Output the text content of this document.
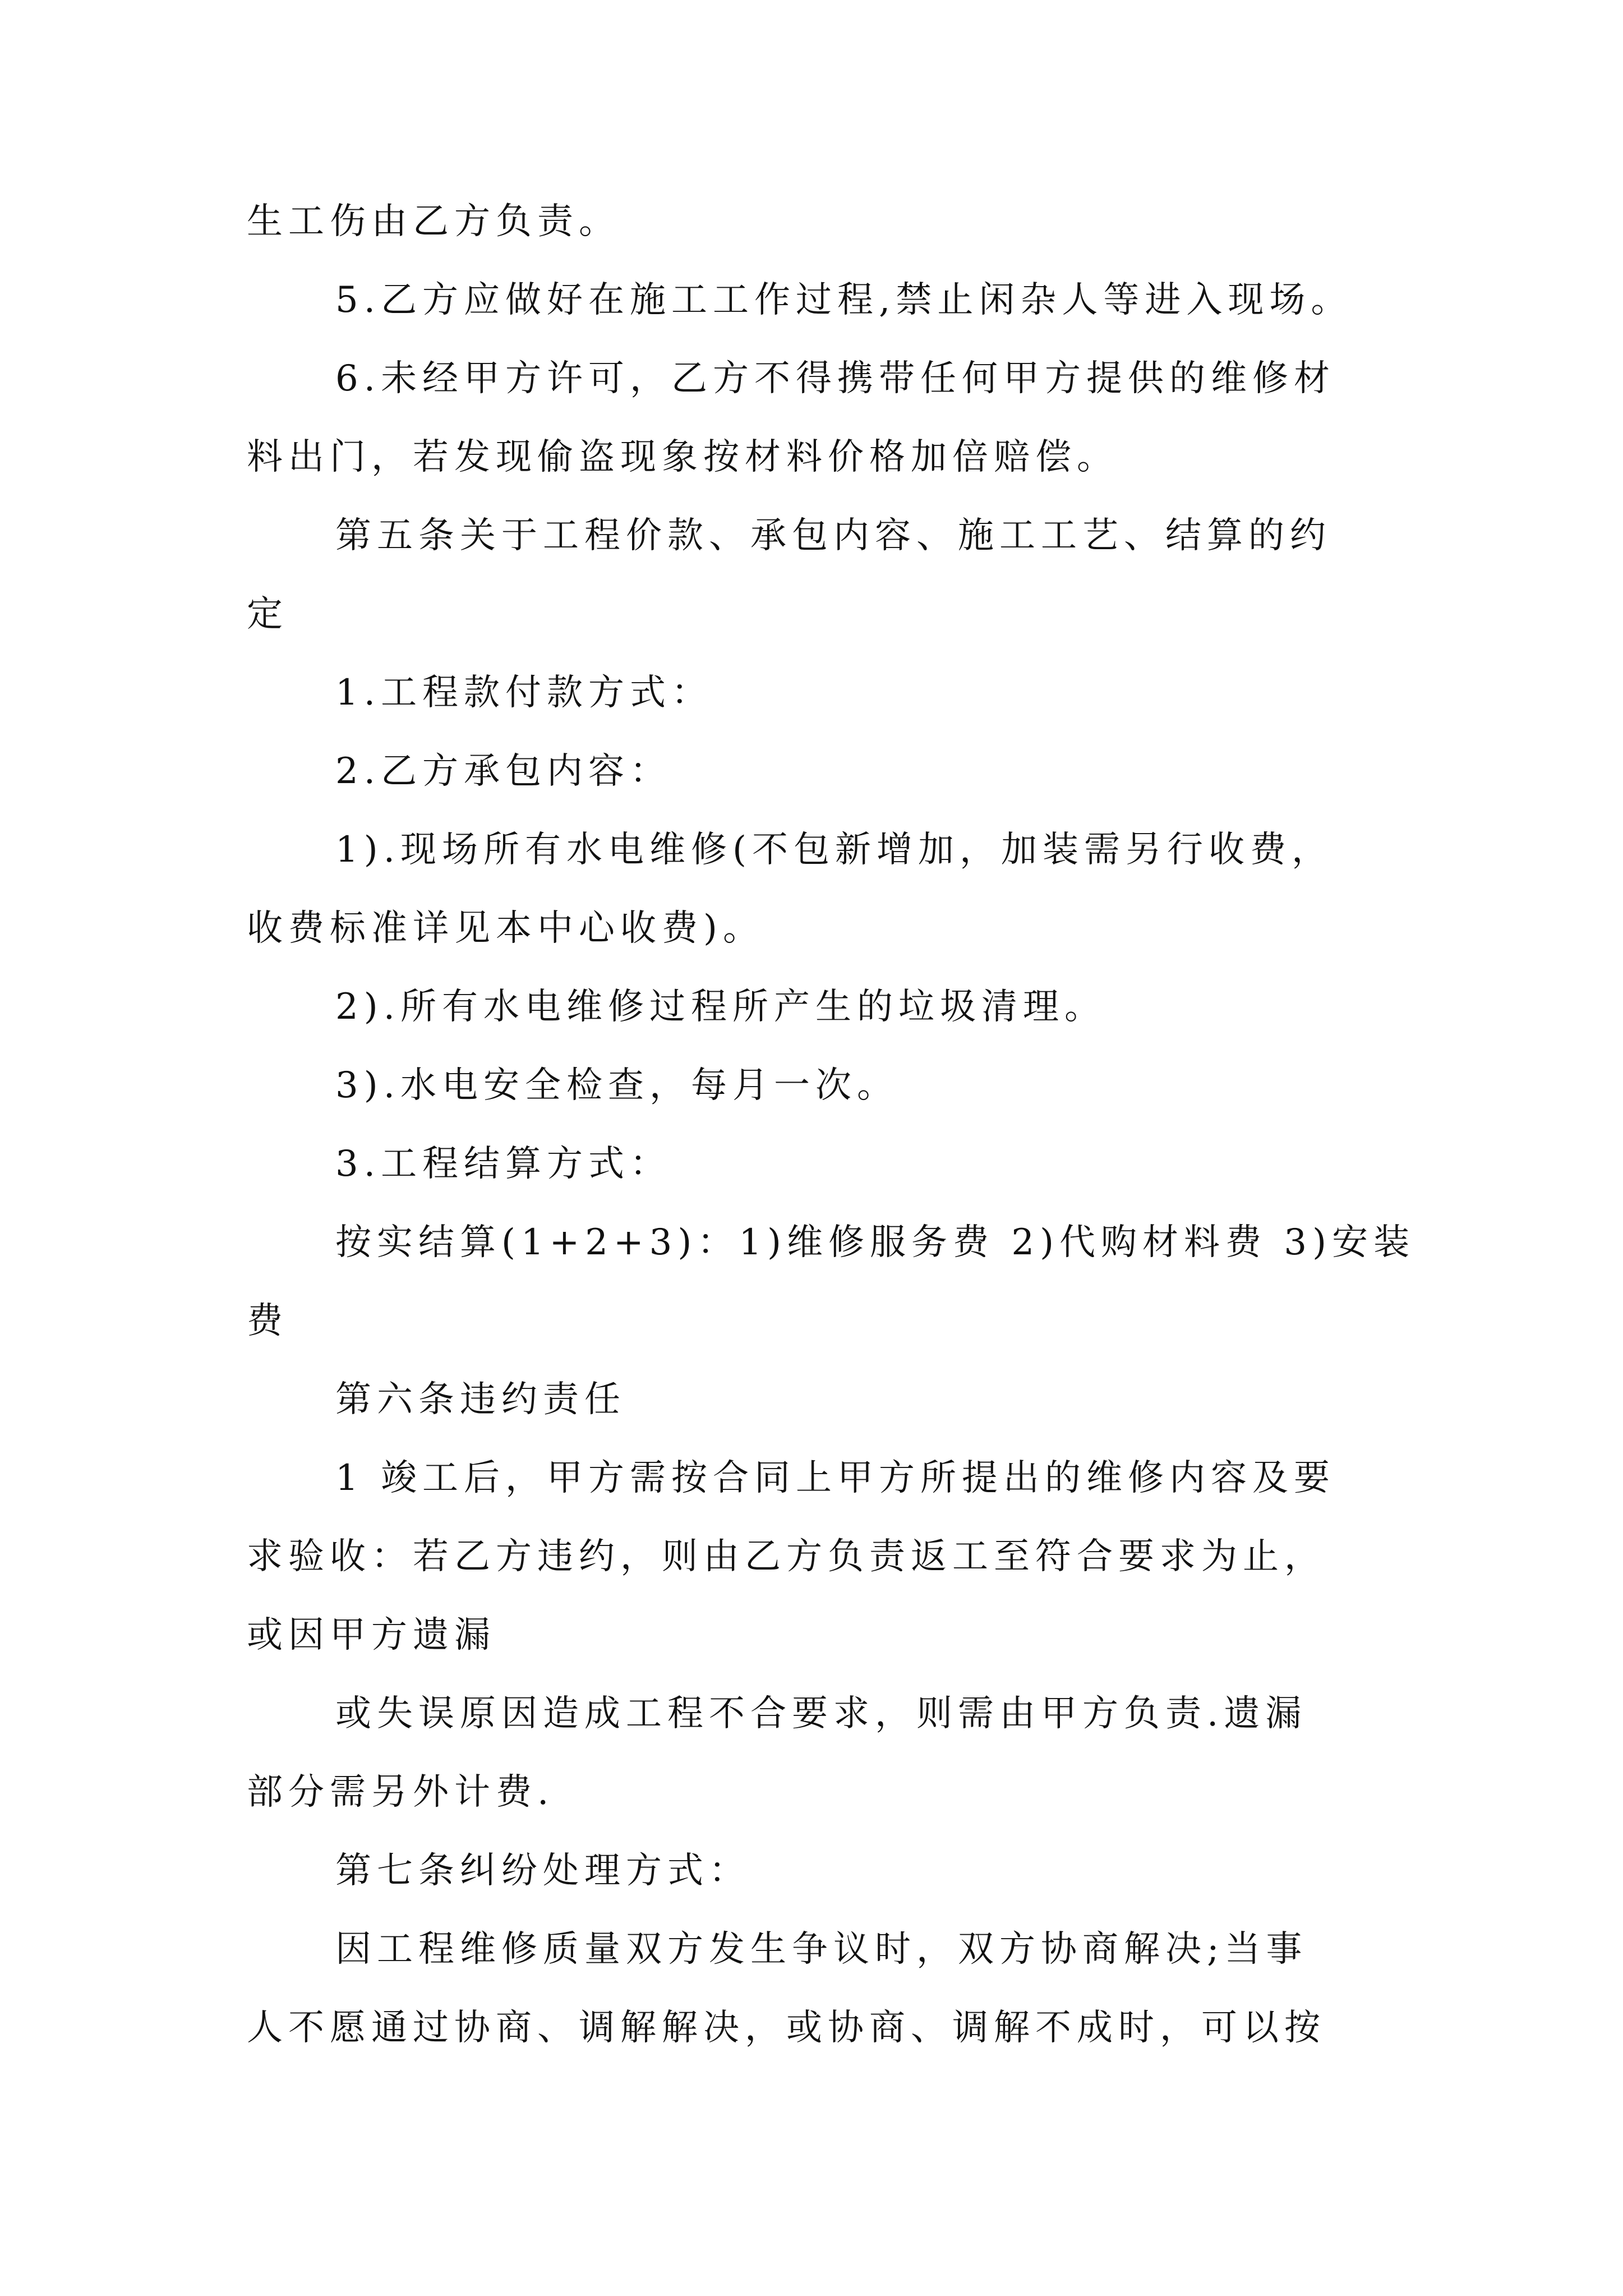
生工伤由乙方负责。
5.乙方应做好在施工工作过程,禁止闲杂人等进入现场。
6.未经甲方许可，乙方不得携带任何甲方提供的维修材
料出门，若发现偷盗现象按材料价格加倍赔偿。
第五条关于工程价款、承包内容、施工工艺、结算的约
定
1.工程款付款方式：
2.乙方承包内容：
1).现场所有水电维修(不包新增加，加装需另行收费，
收费标准详见本中心收费)。
2).所有水电维修过程所产生的垃圾清理。
3).水电安全检查，每月一次。
3.工程结算方式：
按实结算(1+2+3)：1)维修服务费 2)代购材料费 3)安装
费
第六条违约责任
1 竣工后，甲方需按合同上甲方所提出的维修内容及要
求验收：若乙方违约，则由乙方负责返工至符合要求为止，
或因甲方遗漏
或失误原因造成工程不合要求，则需由甲方负责.遗漏
部分需另外计费.
第七条纠纷处理方式：
因工程维修质量双方发生争议时，双方协商解决;当事
人不愿通过协商、调解解决，或协商、调解不成时，可以按
